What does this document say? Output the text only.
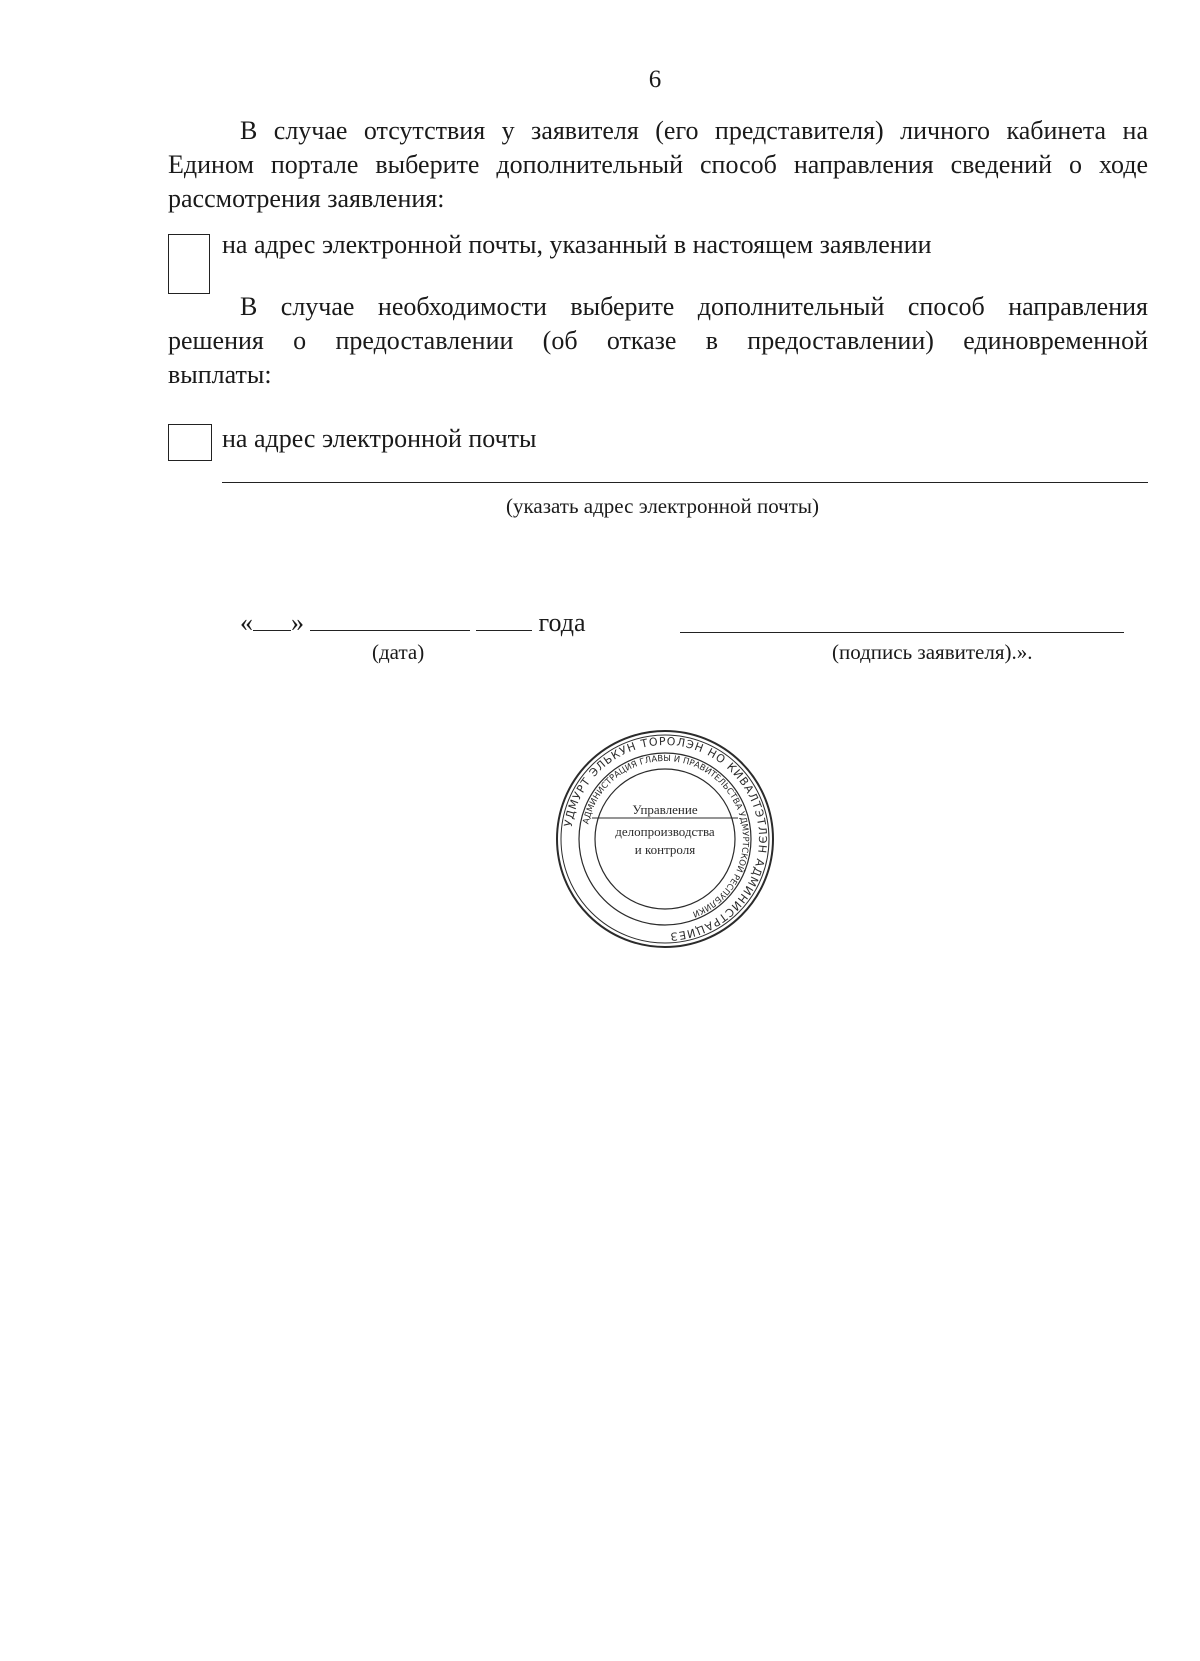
6
В случае отсутствия у заявителя (его представителя) личного кабинета на
Едином портале выберите дополнительный способ направления сведений о ходе
рассмотрения заявления:
на адрес электронной почты, указанный в настоящем заявлении
В случае необходимости выберите дополнительный способ направления
решения о предоставлении (об отказе в предоставлении) единовременной
выплаты:
на адрес электронной почты
(указать адрес электронной почты)
« »	года
(дата)	(подпись заявителя).».
УДМУРТ ЭЛЬКУН ТОРОЛЭН НО КИВАЛТЭТЛЭН АДМИНИСТРАЦИЕЗ
АДМИНИСТРАЦИЯ ГЛАВЫ И ПРАВИТЕЛЬСТВА УДМУРТСКОЙ РЕСПУБЛИКИ
Управление
делопроизводства
и контроля
